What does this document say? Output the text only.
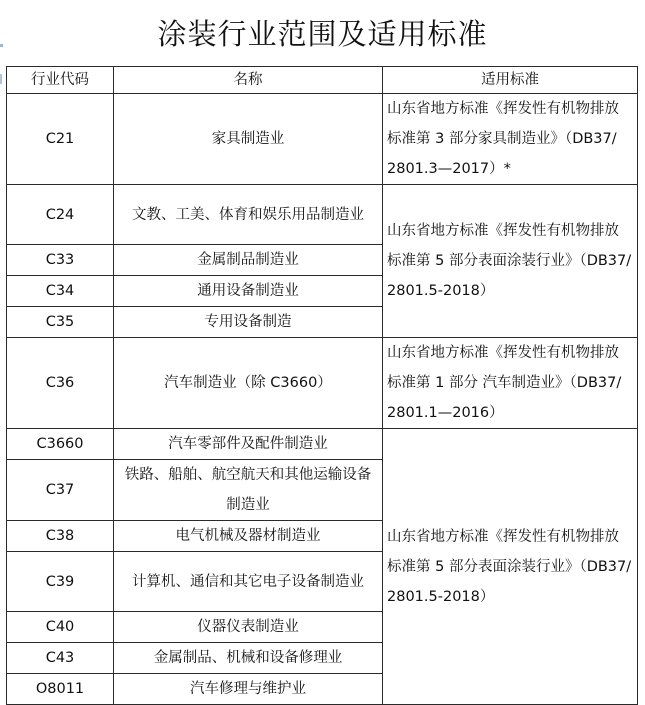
涂装行业范围及适用标准
行业代码	名称	适用标准
C21	家具制造业	山东省地方标准《挥发性有机物排放标准第 3 部分家具制造业》（DB37/ 2801.3—2017）*
C24	文教、工美、体育和娱乐用品制造业	山东省地方标准《挥发性有机物排放标准第 5 部分表面涂装行业》（DB37/ 2801.5-2018）
C33	金属制品制造业	
C34	通用设备制造业	
C35	专用设备制造	
C36	汽车制造业（除 C3660）	山东省地方标准《挥发性有机物排放标准第 1 部分 汽车制造业》（DB37/ 2801.1—2016）
C3660	汽车零部件及配件制造业	山东省地方标准《挥发性有机物排放标准第 5 部分表面涂装行业》（DB37/ 2801.5-2018）
C37	铁路、船舶、航空航天和其他运输设备制造业	
C38	电气机械及器材制造业	
C39	计算机、通信和其它电子设备制造业	
C40	仪器仪表制造业	
C43	金属制品、机械和设备修理业	
O8011	汽车修理与维护业	
